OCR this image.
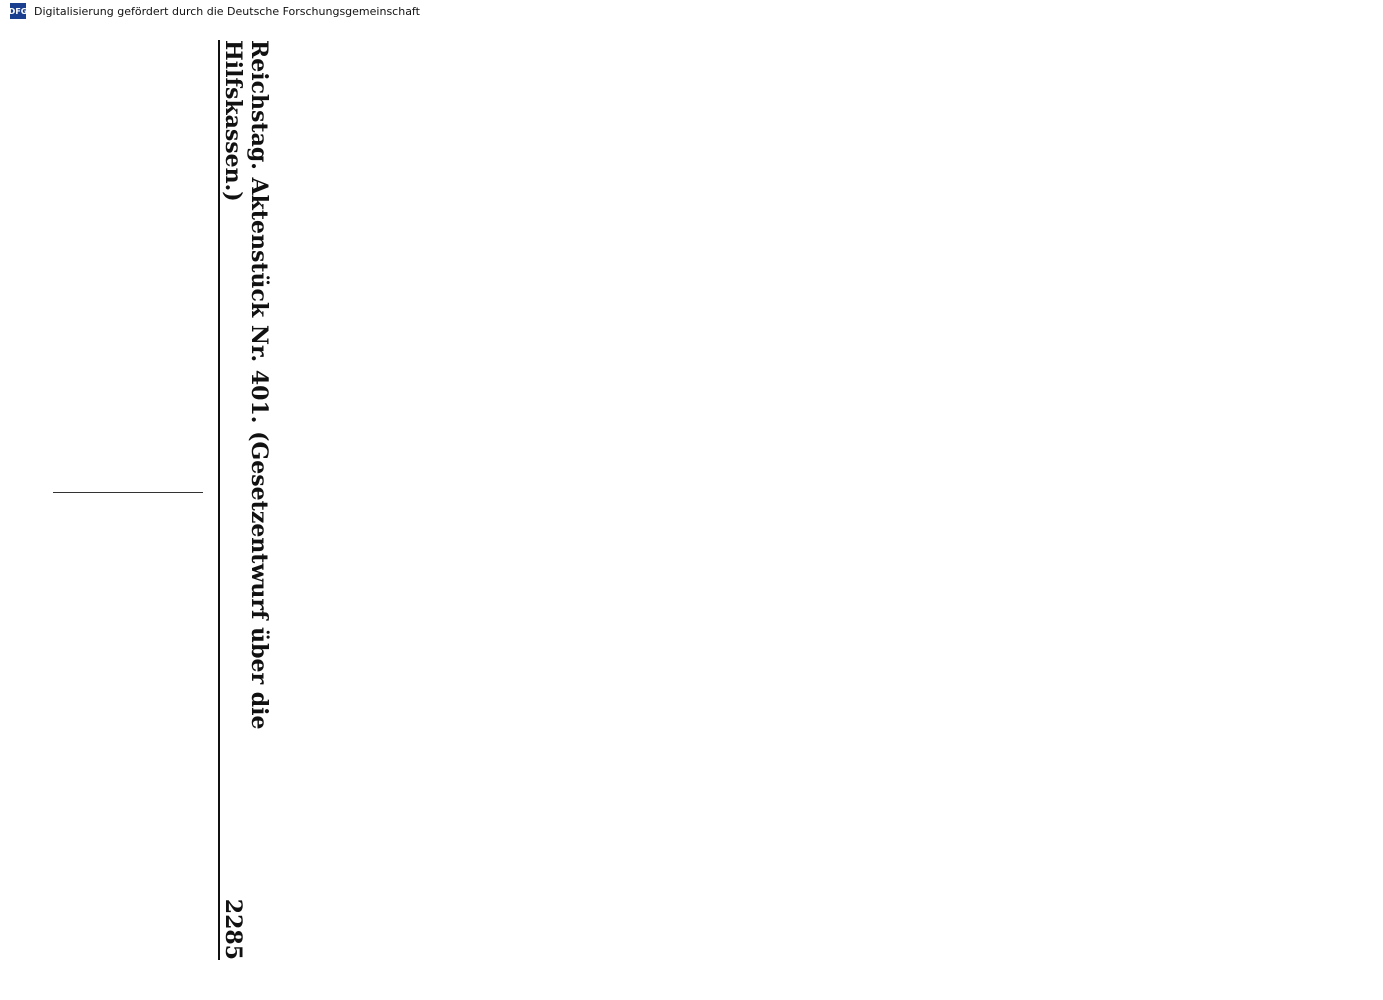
DFG Digitalisierung gefördert durch die Deutsche Forschungsgemeinschaft
Reichstag. Aktenstück Nr. 401. (Gesetzentwurf über die Hilfskassen.)
2285
